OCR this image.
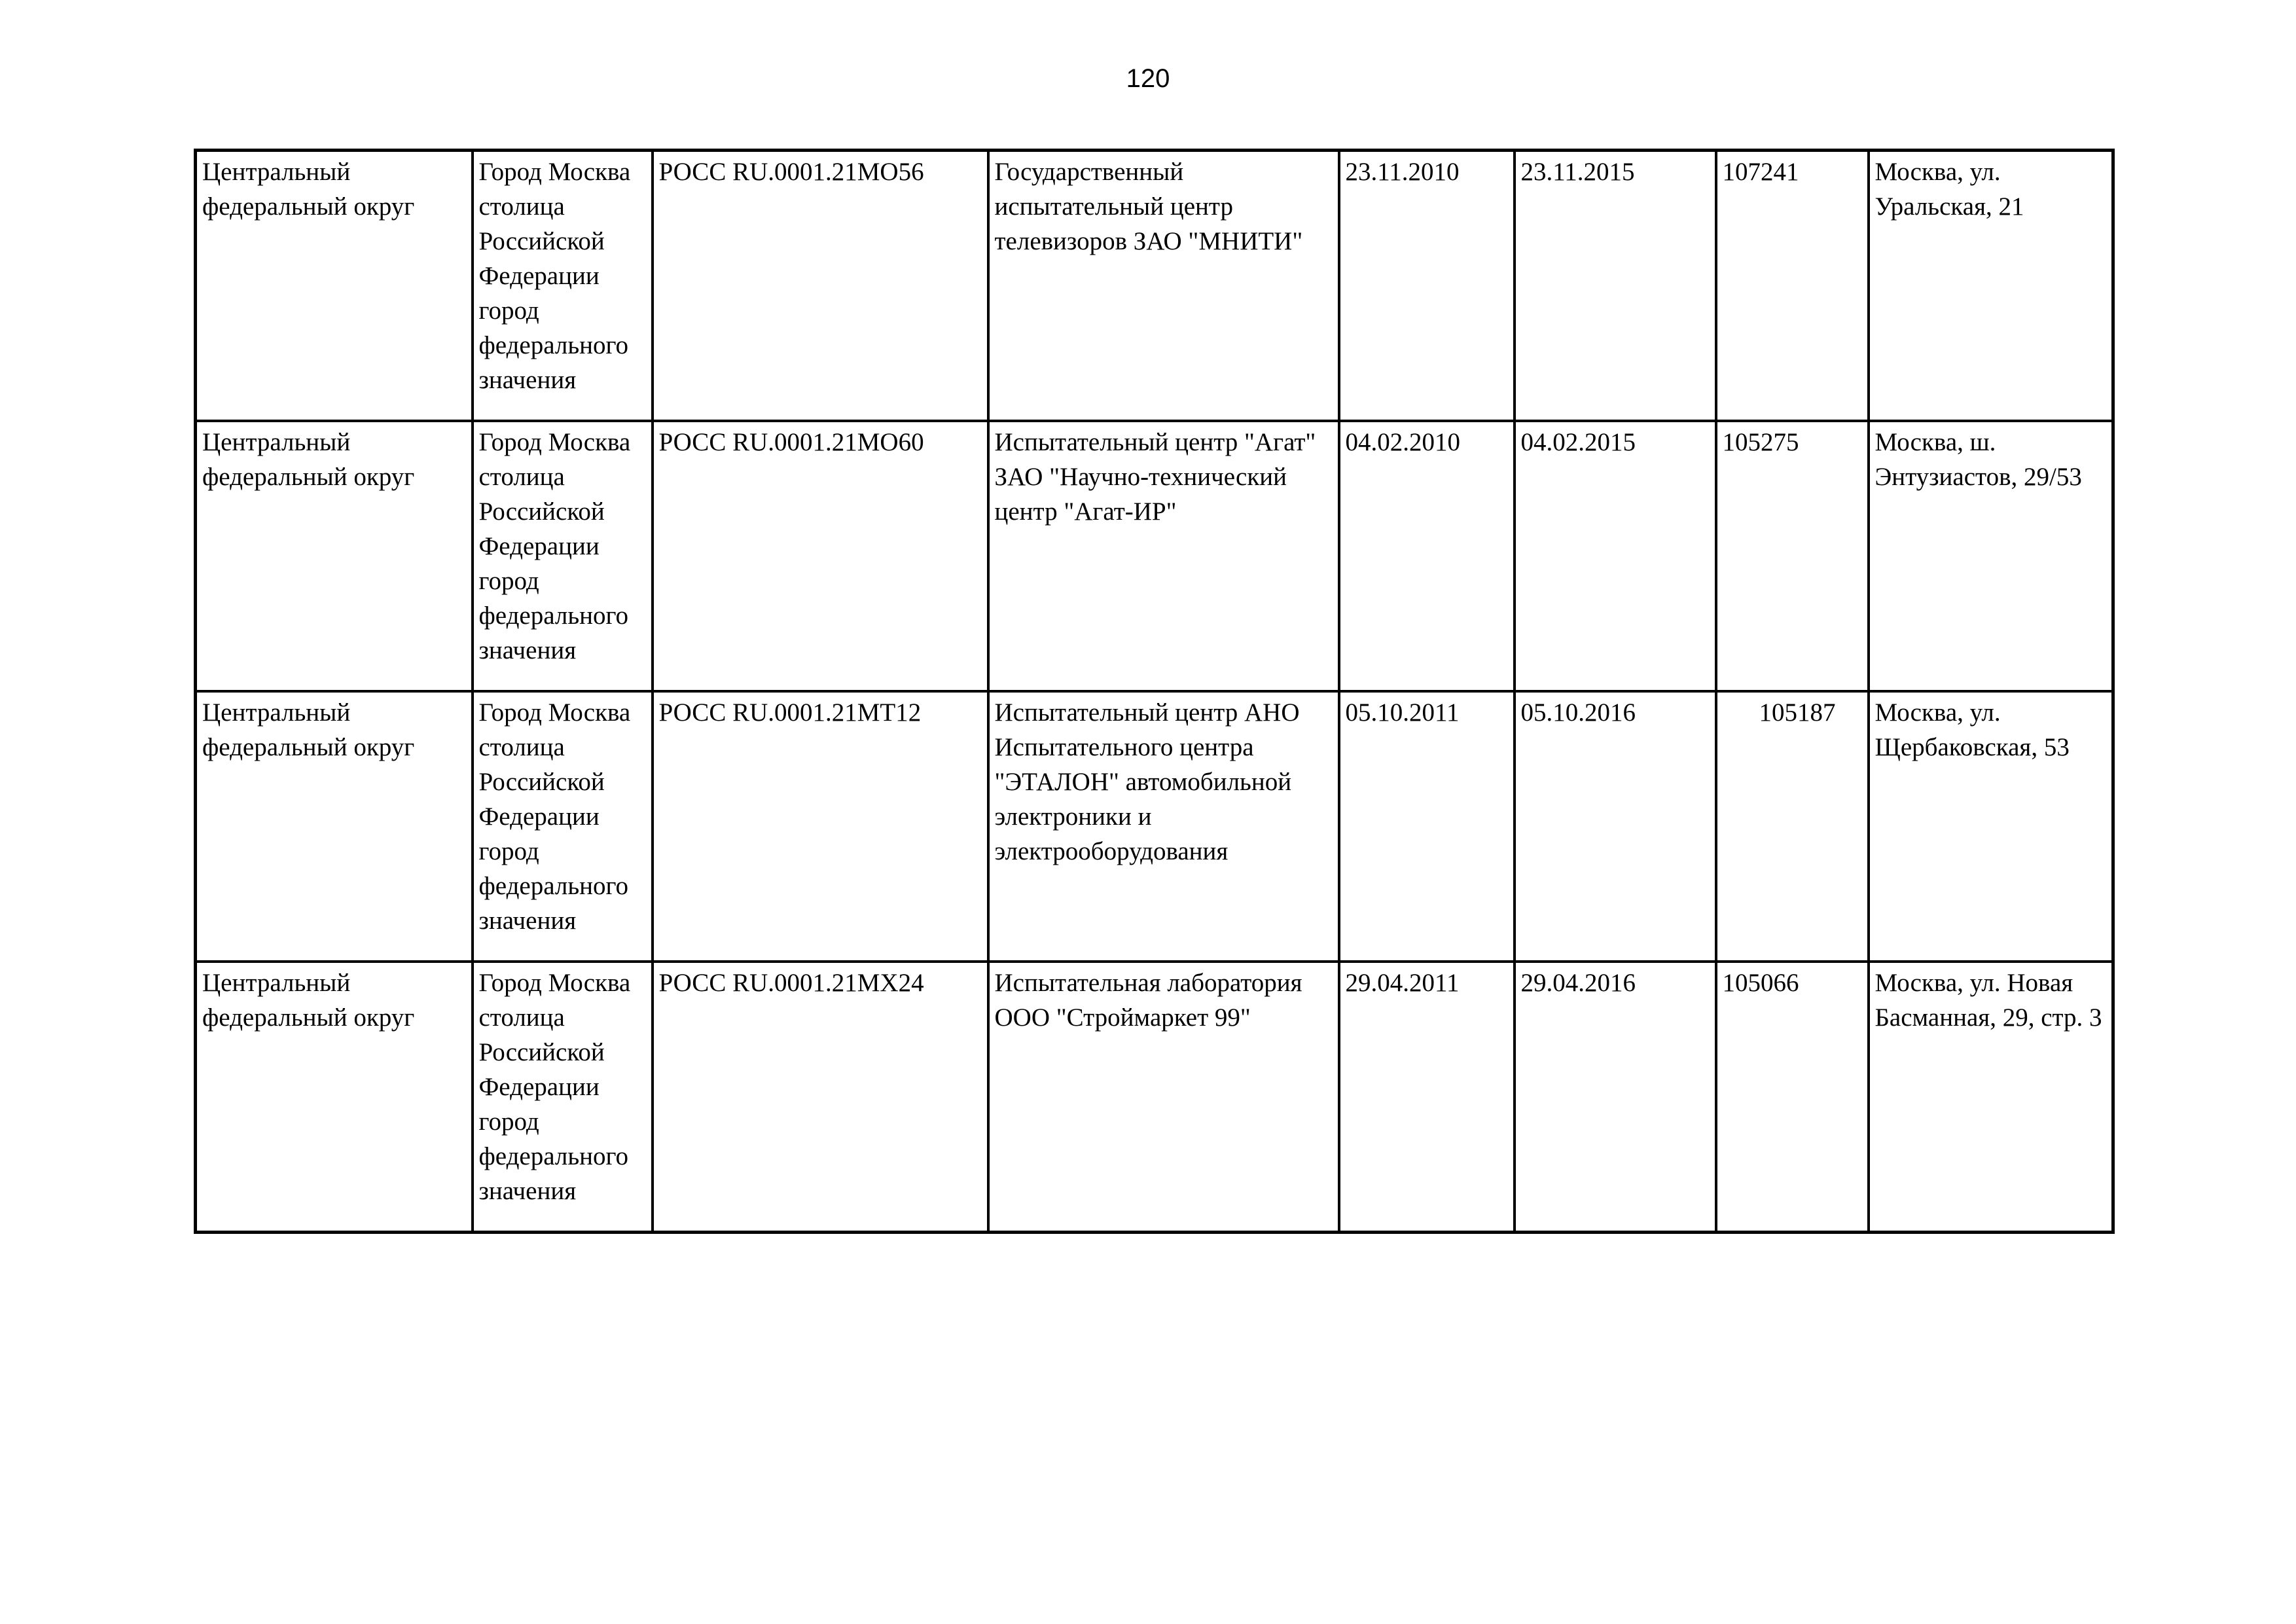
120
Центральный федеральный округ	Город Москва столица Российской Федерации город федерального значения	РОСС RU.0001.21МО56	Государственный испытательный центр телевизоров ЗАО "МНИТИ"	23.11.2010	23.11.2015	107241	Москва, ул. Уральская, 21

Центральный федеральный округ	Город Москва столица Российской Федерации город федерального значения	РОСС RU.0001.21МО60	Испытательный центр "Агат" ЗАО "Научно-технический центр "Агат-ИР"	04.02.2010	04.02.2015	105275	Москва, ш. Энтузиастов, 29/53

Центральный федеральный округ	Город Москва столица Российской Федерации город федерального значения	РОСС RU.0001.21МТ12	Испытательный центр АНО Испытательного центра "ЭТАЛОН" автомобильной электроники и электрооборудования	05.10.2011	05.10.2016	105187	Москва, ул. Щербаковская, 53

Центральный федеральный округ	Город Москва столица Российской Федерации город федерального значения	РОСС RU.0001.21МХ24	Испытательная лаборатория ООО "Строймаркет 99"	29.04.2011	29.04.2016	105066	Москва, ул. Новая Басманная, 29, стр. 3
